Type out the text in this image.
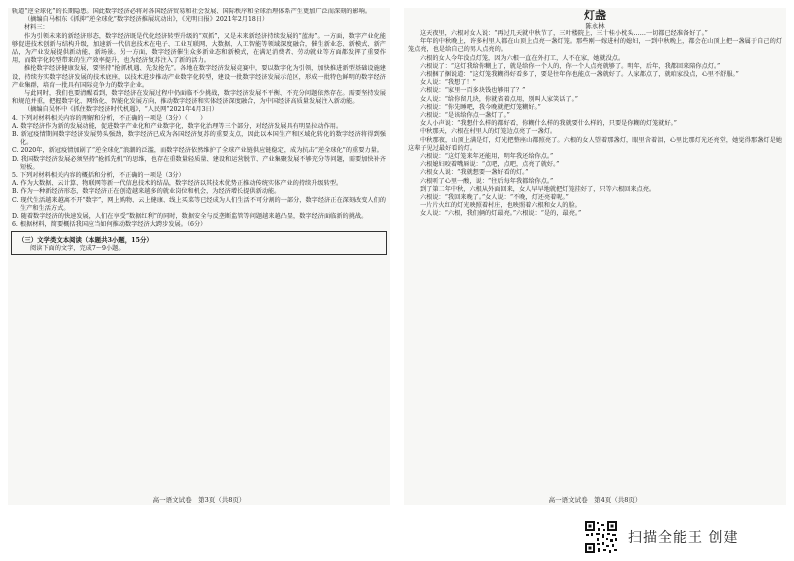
轨道“逆全球化”的长期隐患。国此数字经济必将对各国经济贸易和社会发展、国际秩序和全球治理体系产生更加广泛而深刻的影响。

（摘编自马相东《抓抑“逆全球化”数字经济推展坑动出》，《光明日报》2021年2月18日）

材料三：

作为引领未来的新经济形态，数字经济既是代化经济转型升级的“双抓”，又是未来新经济持续发展的“蓝海”。一方面，数字产业化能够促进技术创新与结构升级，加速新一代信息技术在电子、工业互联网、大数据、人工智能等领域深度融合，催生新业态、新模式、新产品，为产业发展提供新动能、新场景。另一方面，数字经济催生众多新业态和新模式，在满足消费者、劳动就业等方面都发挥了重要作用，而数字化转型带来的生产效率提升，也为经济复苏注入了新的活力。

推抡数字经济健康发展，要坚持“抢抓机遇、先发抢先”。各地在数字经济发展竞赛中，要以数字化为引领，加快推进新型基础设施建设，持续夯实数字经济发展的技术底座，以技术进步推动产业数字化转型，建设一批数字经济发展示范区，形成一批特色鲜明的数字经济产业集群，培育一批具有国际竞争力的数字企业。

与此同时，我们也要清醒看到，数字经济在发展过程中仍面临不少挑战，数字经济发展不平衡、不充分问题依然存在。需要坚持发展和规范并重，把握数字化、网络化、智能化发展方向，推动数字经济和实体经济深度融合，为中国经济高质量发展注入新动能。

（摘编自吴怀中《抓住数字经济时代机遇》，“人民网”2021年4月3日）

4. 下列对材料相关内容的理解和分析，不正确的一项是（3分）（　　）

A. 数字经济作为新的发展动能，促进数字产业化和产业数字化，数字化治理等三个部分，对经济发展具有明显拉动作用。

B. 新冠疫情期间数字经济发展势头强劲，数字经济已成为各国经济复苏的重要支点，因此以本国生产和区域化转化的数字经济将得到强化。

C. 2020年，新冠疫情加剧了“逆全球化”浪潮的泛滥，而数字经济依然维护了全球产业链供应链稳定，成为抗击“逆全球化”的重要力量。

D. 我国数字经济发展必须坚持“抢抓先机”的思维，也存在重数量轻质量、建设和运营脱节、产业集聚发展不够充分等问题，需要加快补齐短板。

5. 下列对材料相关内容的概括和分析，不正确的一项是（3分）

A. 作为大数据、云计算、物联网等新一代信息技术的结晶，数字经济以其技术优势正推动传统实体产业的持续升级转型。

B. 作为一种新经济形态，数字经济正在创造越来越多的就业岗位和机会，为经济增长提供新动能。

C. 现代生活越来越离不开“数字”，网上购物、云上健康、线上买菜等已经成为人们生活不可分割的一部分，数字经济正在深刻改变人们的生产和生活方式。

D. 随着数字经济的快速发展，人们在享受“数据红利”的同时，数据安全与反垄断监管等问题越来越凸显，数字经济面临新的挑战。

6. 根据材料，简要概括我国应当如何推动数字经济大跨步发展。（6分）

（三）文学类文本阅读（本题共3小题，15分）

阅读下面的文字，完成7～9小题。

高一语文试卷　第3页（共8页）
灯盏
陈永林

这天夜里，六根对女人说：“再过几天就中秋节了，三叶楼院上，三十桂小枕头……一切都已经准备好了。”

年年的中秋晚上，许多村里人都在山顶上点亮一盏灯笼。那些刚一嫁进村的媳妇，一到中秋晚上，都会在山顶上把一盏属于自己的灯笼点亮，也是给自己的男人点亮的。

六根的女人今年没点灯笼，因为六根一直在外打工，人不在家，她就没点。

六根说了：“这灯我给你糊上了，就是给你一个人的，你一个人点亮就够了。明年，后年，我都回来陪你点灯。”

六根捆了捆说道：“这灯笼我糊得好看多了，要是往年你也能点一盏就好了。人家都点了，就咱家没点，心里不舒服。”

女人说：“我想了！”

六根说：“家里一百多块钱也够用了？”

女人说：“给你留几块，你就省着点用，别叫人家笑话了。”

六根说：“你先睡吧，我今晚就把灯笼糊好。”

六根说：“是该给你点一盏灯了。”

女人小声说：“我想什么样的都好看，你糊什么样的我就要什么样的，只要是你糊的灯笼就好。”

中秋那天，六根在村里人的灯笼边点亮了一盏灯。

中秋那夜，山顶上满是灯，灯光把整座山都照亮了。六根的女人望着那盏灯，眼里含着泪，心里比那灯光还亮堂，她觉得那盏灯是她这辈子见过最好看的灯。

六根说：“这灯笼来年还能用，明年我还给你点。”

六根媳妇咬着嘴唇说：“点吧，点吧，点亮了就好。”

六根女人说：“我就想要一盏好看的灯。”

六根听了心里一酸，说：“往后每年我都给你点。”

到了第二年中秋，六根从外面回来，女人早早地就把灯笼挂好了，只等六根回来点亮。

六根说：“我回来晚了。”女人说：“不晚，灯还亮着呢。”

一片片火红的灯光映照着村庄，也映照着六根和女人的脸。

女人说：“六根，我们俩的灯最亮。”六根说：“是的，最亮。”

高一语文试卷　第4页（共8页）
扫描全能王 创建
